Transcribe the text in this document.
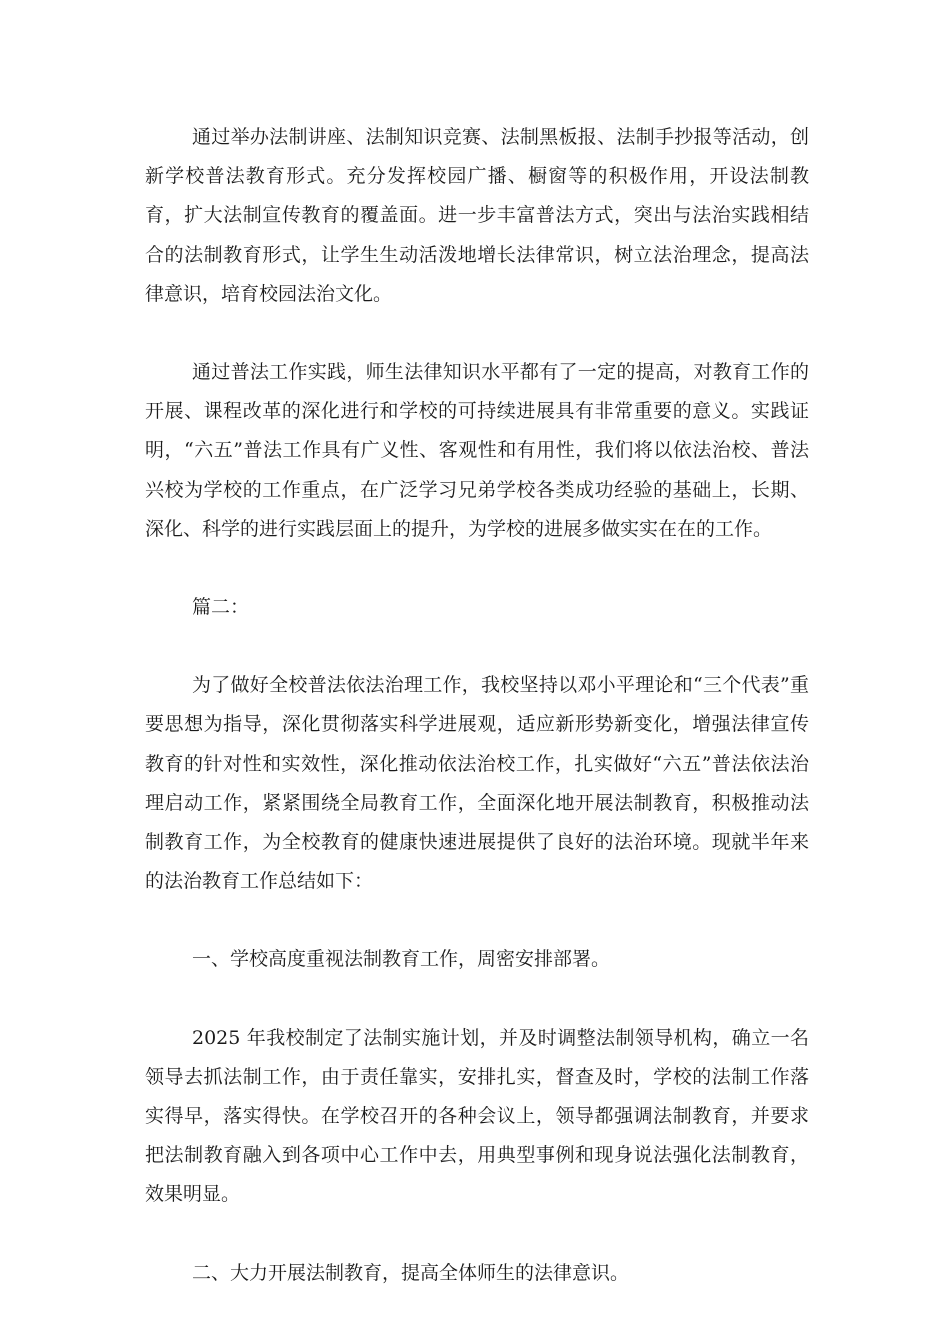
通过举办法制讲座、法制知识竞赛、法制黑板报、法制手抄报等活动，创新学校普法教育形式。充分发挥校园广播、橱窗等的积极作用，开设法制教育，扩大法制宣传教育的覆盖面。进一步丰富普法方式，突出与法治实践相结合的法制教育形式，让学生生动活泼地增长法律常识，树立法治理念，提高法律意识，培育校园法治文化。

通过普法工作实践，师生法律知识水平都有了一定的提高，对教育工作的开展、课程改革的深化进行和学校的可持续进展具有非常重要的意义。实践证明，“六五”普法工作具有广义性、客观性和有用性，我们将以依法治校、普法兴校为学校的工作重点，在广泛学习兄弟学校各类成功经验的基础上，长期、深化、科学的进行实践层面上的提升，为学校的进展多做实实在在的工作。

篇二：

为了做好全校普法依法治理工作，我校坚持以邓小平理论和“三个代表”重要思想为指导，深化贯彻落实科学进展观，适应新形势新变化，增强法律宣传教育的针对性和实效性，深化推动依法治校工作，扎实做好“六五”普法依法治理启动工作，紧紧围绕全局教育工作，全面深化地开展法制教育，积极推动法制教育工作，为全校教育的健康快速进展提供了良好的法治环境。现就半年来的法治教育工作总结如下：

一、学校高度重视法制教育工作，周密安排部署。

2025 年我校制定了法制实施计划，并及时调整法制领导机构，确立一名领导去抓法制工作，由于责任靠实，安排扎实，督查及时，学校的法制工作落实得早，落实得快。在学校召开的各种会议上，领导都强调法制教育，并要求把法制教育融入到各项中心工作中去，用典型事例和现身说法强化法制教育，效果明显。

二、大力开展法制教育，提高全体师生的法律意识。
